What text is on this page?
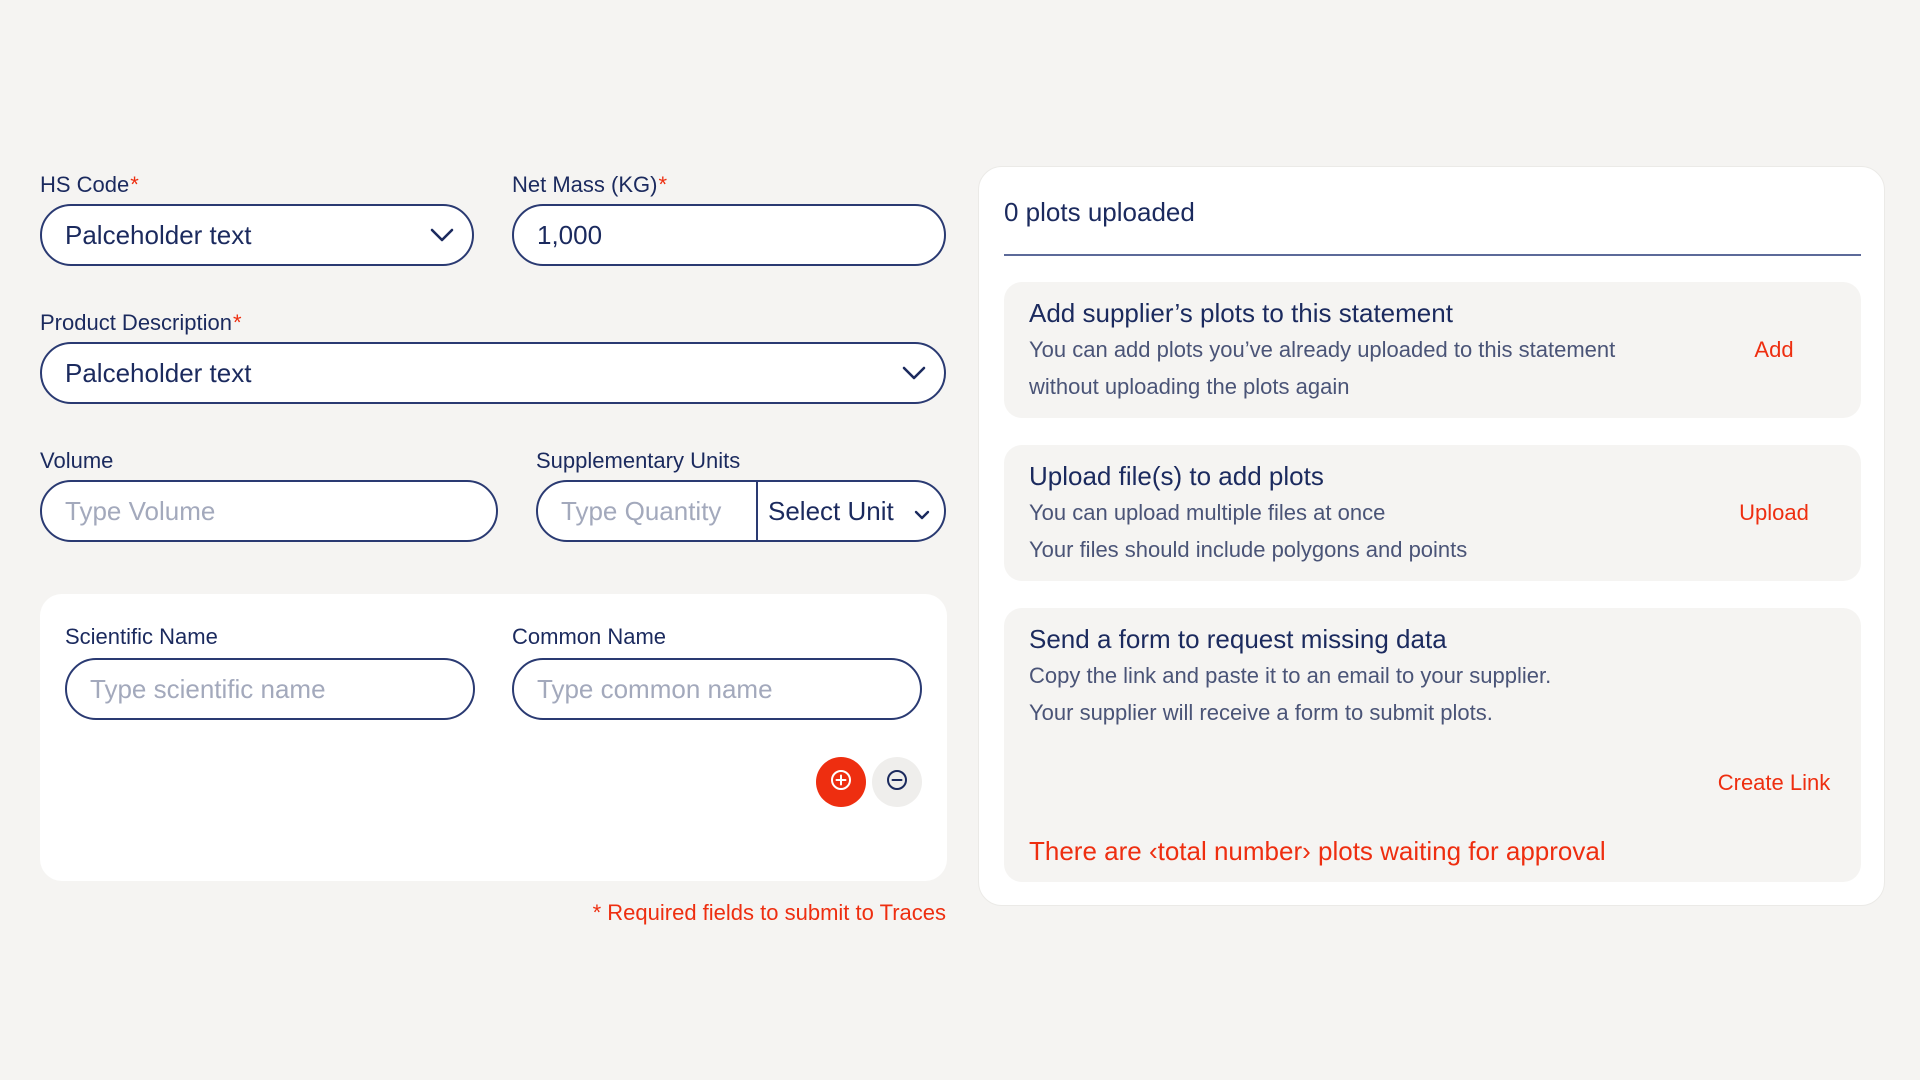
HS Code*
Palceholder text
Net Mass (KG)*
1,000
Product Description*
Palceholder text
Volume
Type Volume
Supplementary Units
Type Quantity Select Unit
Scientific Name
Type scientific name
Common Name
Type common name
* Required fields to submit to Traces
0 plots uploaded
Add supplier’s plots to this statement
You can add plots you’ve already uploaded to this statement
without uploading the plots again
Add
Upload file(s) to add plots
You can upload multiple files at once
Your files should include polygons and points
Upload
Send a form to request missing data
Copy the link and paste it to an email to your supplier.
Your supplier will receive a form to submit plots.
Create Link
There are ‹total number› plots waiting for approval
